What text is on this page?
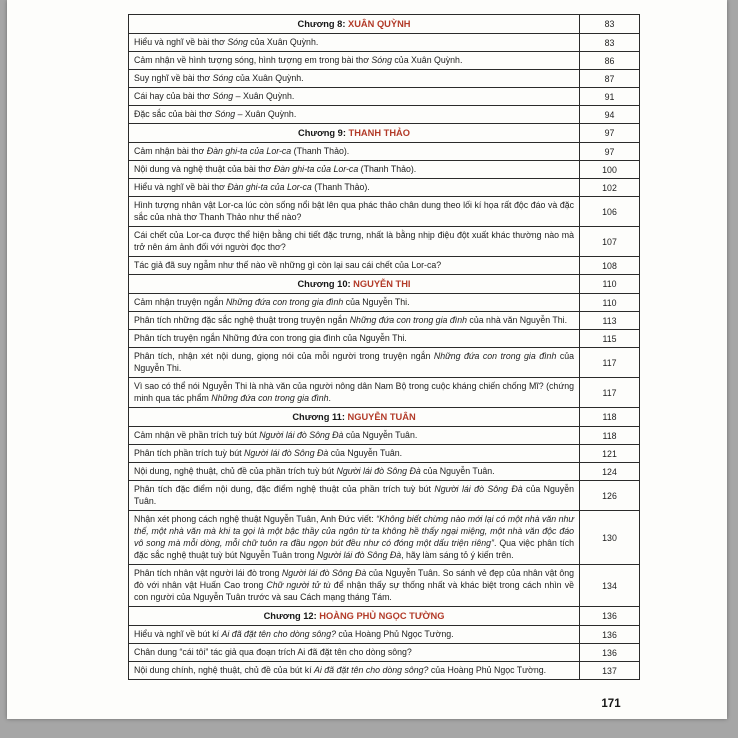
Chương 8: XUÂN QUỲNH	83
Hiểu và nghĩ về bài thơ Sóng của Xuân Quỳnh.	83
Cảm nhận về hình tượng sóng, hình tượng em trong bài thơ Sóng của Xuân Quỳnh.	86
Suy nghĩ về bài thơ Sóng của Xuân Quỳnh.	87
Cái hay của bài thơ Sóng – Xuân Quỳnh.	91
Đặc sắc của bài thơ Sóng – Xuân Quỳnh.	94
Chương 9: THANH THẢO	97
Cảm nhận bài thơ Đàn ghi-ta của Lor-ca (Thanh Thảo).	97
Nội dung và nghệ thuật của bài thơ Đàn ghi-ta của Lor-ca (Thanh Thảo).	100
Hiểu và nghĩ về bài thơ Đàn ghi-ta của Lor-ca (Thanh Thảo).	102
Hình tượng nhân vật Lor-ca lúc còn sống nổi bật lên qua phác thảo chân dung theo lối kí họa rất độc đáo và đặc sắc của nhà thơ Thanh Thảo như thế nào?	106
Cái chết của Lor-ca được thể hiện bằng chi tiết đặc trưng, nhất là bằng nhịp điệu đột xuất khác thường nào mà trở nên ám ảnh đối với người đọc thơ?	107
Tác giả đã suy ngẫm như thế nào về những gì còn lại sau cái chết của Lor-ca?	108
Chương 10: NGUYỄN THI	110
Cảm nhận truyện ngắn Những đứa con trong gia đình của Nguyễn Thi.	110
Phân tích những đặc sắc nghệ thuật trong truyện ngắn Những đứa con trong gia đình của nhà văn Nguyễn Thi.	113
Phân tích truyện ngắn Những đứa con trong gia đình của Nguyễn Thi.	115
Phân tích, nhận xét nội dung, giọng nói của mỗi người trong truyện ngắn Những đứa con trong gia đình của Nguyễn Thi.	117
Vì sao có thể nói Nguyễn Thi là nhà văn của người nông dân Nam Bộ trong cuộc kháng chiến chống Mĩ? (chứng minh qua tác phẩm Những đứa con trong gia đình.	117
Chương 11: NGUYỄN TUÂN	118
Cảm nhận về phần trích tuỳ bút Người lái đò Sông Đà của Nguyễn Tuân.	118
Phân tích phần trích tuỳ bút Người lái đò Sông Đà của Nguyễn Tuân.	121
Nội dung, nghệ thuật, chủ đề của phần trích tuỳ bút Người lái đò Sông Đà của Nguyễn Tuân.	124
Phân tích đặc điểm nội dung, đặc điểm nghệ thuật của phần trích tuỳ bút Người lái đò Sông Đà của Nguyễn Tuân.	126
Nhận xét phong cách nghệ thuật Nguyễn Tuân, Anh Đức viết: “Không biết chừng nào mới lại có một nhà văn như thế, một nhà văn mà khi ta gọi là một bậc thầy của ngôn từ ta không hề thấy ngại miệng, một nhà văn độc đáo vô song mà mỗi dòng, mỗi chữ tuôn ra đầu ngọn bút đều như có đóng một dấu triện riêng”. Qua việc phân tích đặc sắc nghệ thuật tuỳ bút Nguyễn Tuân trong Người lái đò Sông Đà, hãy làm sáng tỏ ý kiến trên.	130
Phân tích nhân vật người lái đò trong Người lái đò Sông Đà của Nguyễn Tuân. So sánh vẻ đẹp của nhân vật ông đò với nhân vật Huấn Cao trong Chữ người tử tù để nhận thấy sự thống nhất và khác biệt trong cách nhìn về con người của Nguyễn Tuân trước và sau Cách mạng tháng Tám.	134
Chương 12: HOÀNG PHỦ NGỌC TƯỜNG	136
Hiểu và nghĩ về bút kí Ai đã đặt tên cho dòng sông? của Hoàng Phủ Ngọc Tường.	136
Chân dung “cái tôi” tác giả qua đoạn trích Ai đã đặt tên cho dòng sông?	136
Nội dung chính, nghệ thuật, chủ đề của bút kí Ai đã đặt tên cho dòng sông? của Hoàng Phủ Ngọc Tường.	137
171
